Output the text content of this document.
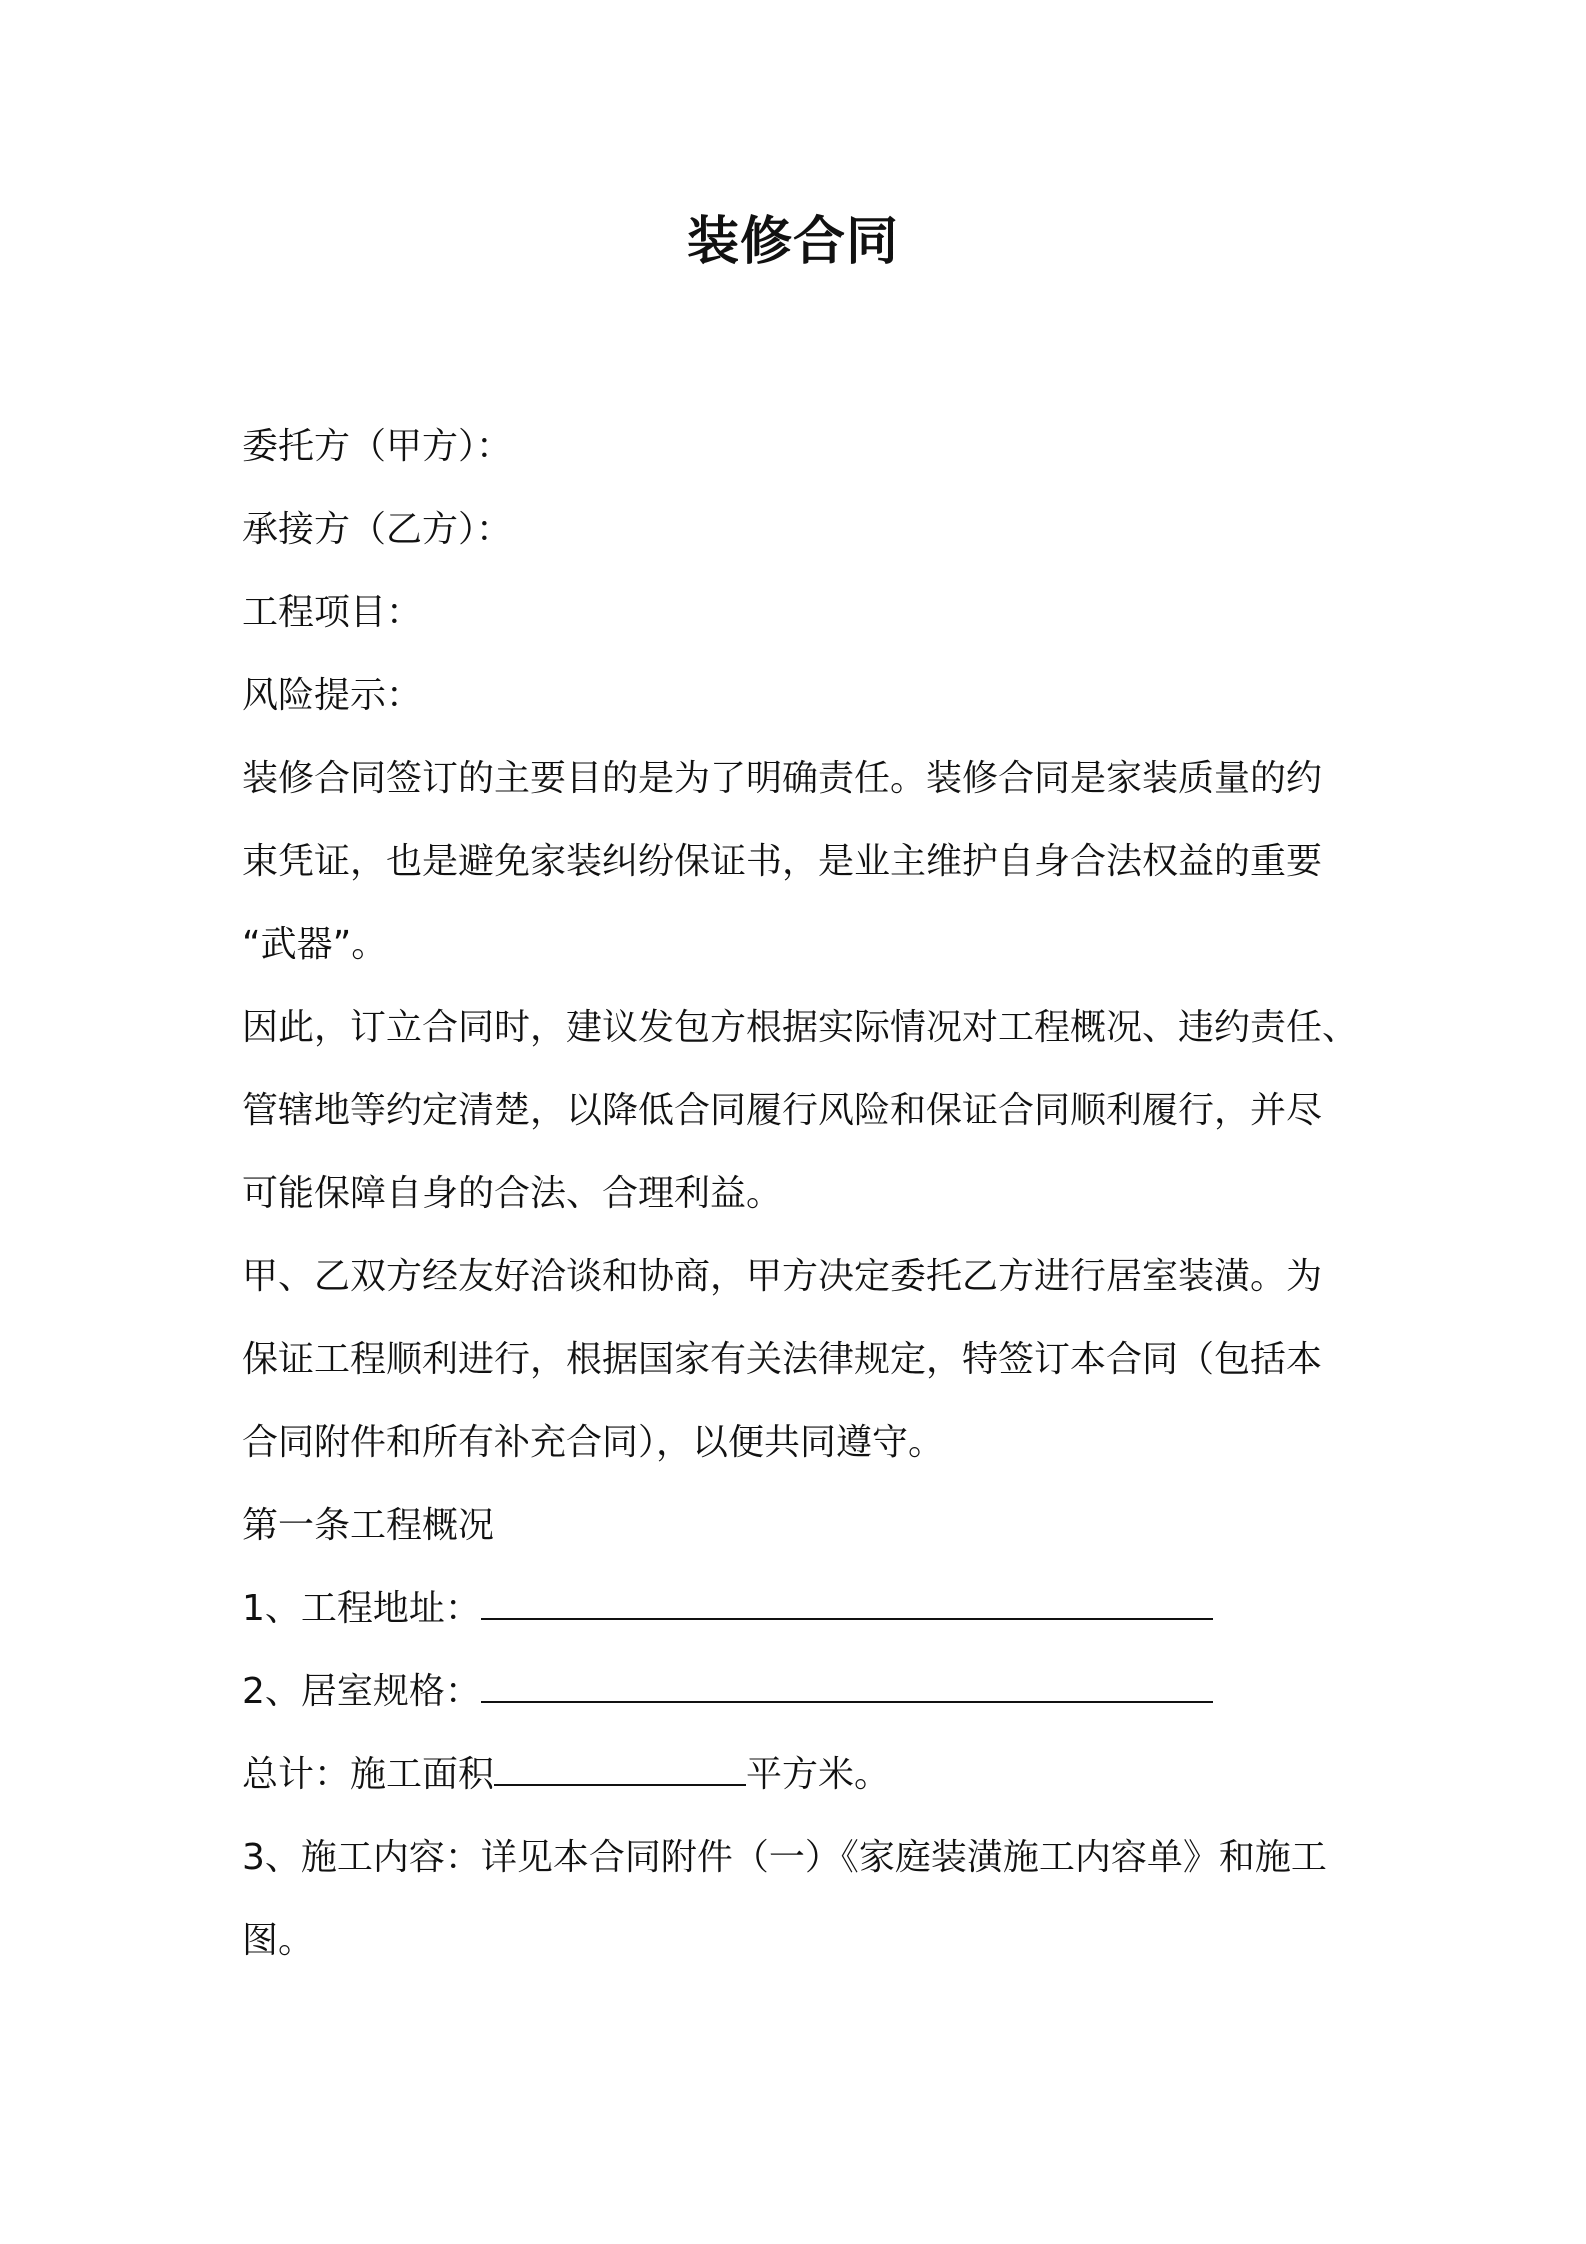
装修合同
委托方（甲方）：
承接方（乙方）：
工程项目：
风险提示：
装修合同签订的主要目的是为了明确责任。装修合同是家装质量的约
束凭证，也是避免家装纠纷保证书，是业主维护自身合法权益的重要
“武器”。
因此，订立合同时，建议发包方根据实际情况对工程概况、违约责任、
管辖地等约定清楚，以降低合同履行风险和保证合同顺利履行，并尽
可能保障自身的合法、合理利益。
甲、乙双方经友好洽谈和协商，甲方决定委托乙方进行居室装潢。为
保证工程顺利进行，根据国家有关法律规定，特签订本合同（包括本
合同附件和所有补充合同），以便共同遵守。
第一条工程概况
1、工程地址：
2、居室规格：
总计：施工面积	平方米。
3、施工内容：详见本合同附件（一）《家庭装潢施工内容单》和施工
图。
